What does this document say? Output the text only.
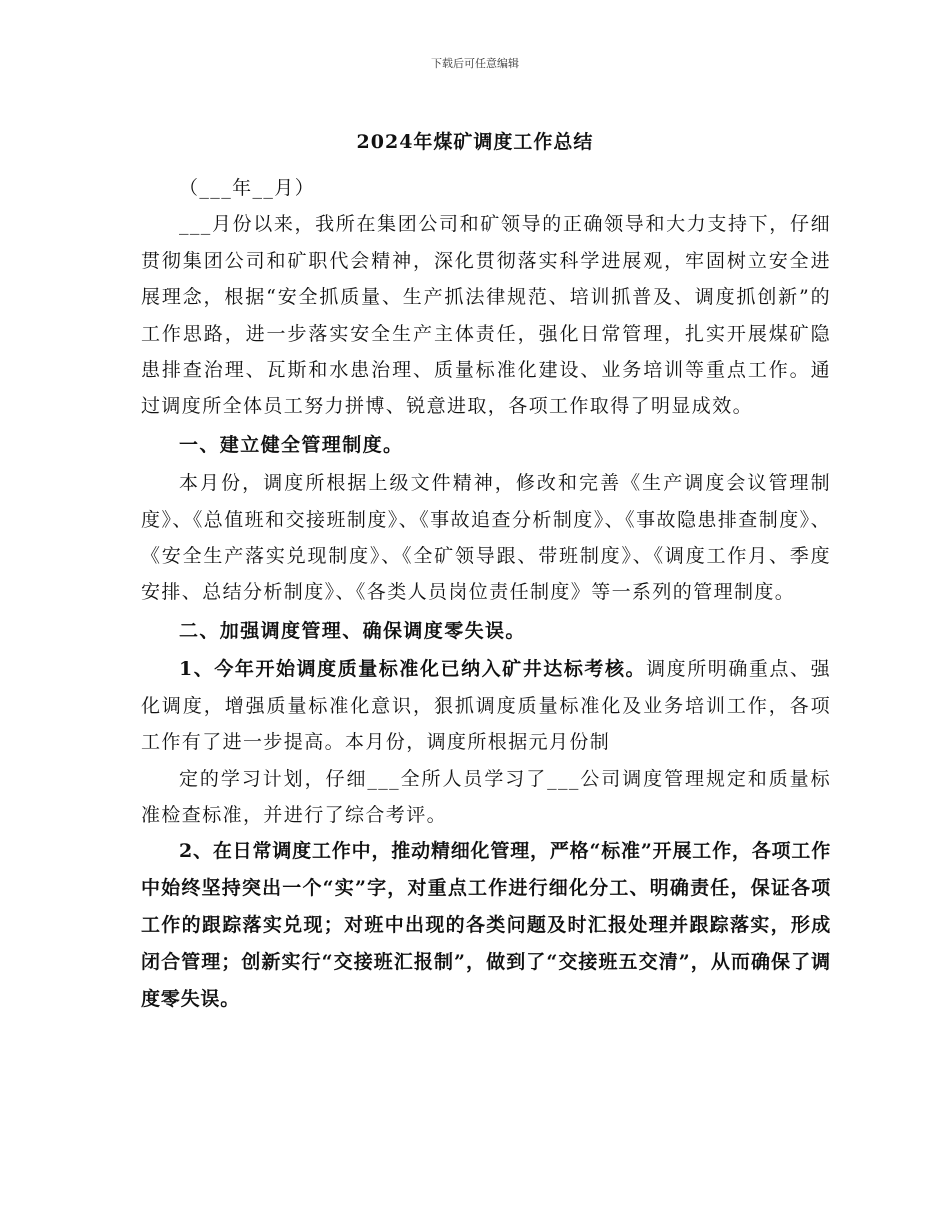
下载后可任意编辑
2024年煤矿调度工作总结

（___年__月）

___月份以来，我所在集团公司和矿领导的正确领导和大力支持下，仔细贯彻集团公司和矿职代会精神，深化贯彻落实科学进展观，牢固树立安全进展理念，根据“安全抓质量、生产抓法律规范、培训抓普及、调度抓创新”的工作思路，进一步落实安全生产主体责任，强化日常管理，扎实开展煤矿隐患排查治理、瓦斯和水患治理、质量标准化建设、业务培训等重点工作。通过调度所全体员工努力拼博、锐意进取，各项工作取得了明显成效。

一、建立健全管理制度。

本月份，调度所根据上级文件精神，修改和完善《生产调度会议管理制度》、《总值班和交接班制度》、《事故追查分析制度》、《事故隐患排查制度》、《安全生产落实兑现制度》、《全矿领导跟、带班制度》、《调度工作月、季度安排、总结分析制度》、《各类人员岗位责任制度》等一系列的管理制度。

二、加强调度管理、确保调度零失误。

1、今年开始调度质量标准化已纳入矿井达标考核。调度所明确重点、强化调度，增强质量标准化意识，狠抓调度质量标准化及业务培训工作，各项工作有了进一步提高。本月份，调度所根据元月份制

定的学习计划，仔细___全所人员学习了___公司调度管理规定和质量标准检查标准，并进行了综合考评。

2、在日常调度工作中，推动精细化管理，严格“标准”开展工作，各项工作中始终坚持突出一个“实”字，对重点工作进行细化分工、明确责任，保证各项工作的跟踪落实兑现；对班中出现的各类问题及时汇报处理并跟踪落实，形成闭合管理；创新实行“交接班汇报制”，做到了“交接班五交清”，从而确保了调度零失误。
